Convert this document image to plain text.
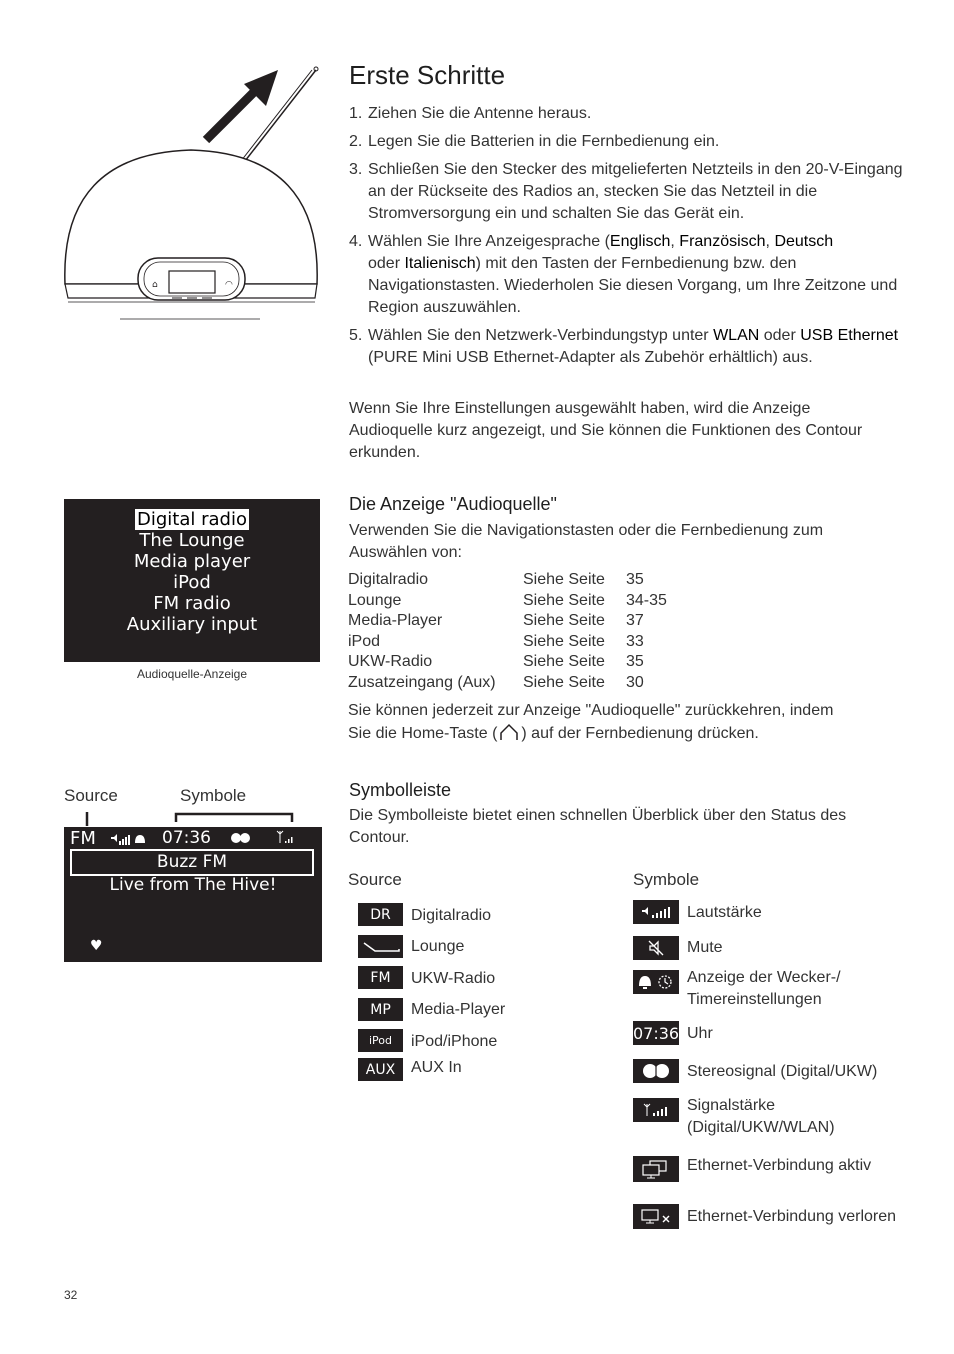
⌂	◠
Erste Schritte
1. Ziehen Sie die Antenne heraus.
2. Legen Sie die Batterien in die Fernbedienung ein.
3. Schließen Sie den Stecker des mitgelieferten Netzteils in den 20-V-Eingang an der Rückseite des Radios an, stecken Sie das Netzteil in die Stromversorgung ein und schalten Sie das Gerät ein.
4. Wählen Sie Ihre Anzeigesprache (Englisch, Französisch, Deutsch
oder Italienisch) mit den Tasten der Fernbedienung bzw. den Navigationstasten. Wiederholen Sie diesen Vorgang, um Ihre Zeitzone und Region auszuwählen.
5. Wählen Sie den Netzwerk-Verbindungstyp unter WLAN oder USB Ethernet (PURE Mini USB Ethernet-Adapter als Zubehör erhältlich) aus.
Wenn Sie Ihre Einstellungen ausgewählt haben, wird die Anzeige Audioquelle kurz angezeigt, und Sie können die Funktionen des Contour erkunden.
Digital radio
The Lounge
Media player
iPod
FM radio
Auxiliary input
Audioquelle-Anzeige
Die Anzeige "Audioquelle"
Verwenden Sie die Navigationstasten oder die Fernbedienung zum Auswählen von:
Digitalradio	Siehe Seite	35
Lounge	Siehe Seite	34-35
Media-Player	Siehe Seite	37
iPod	Siehe Seite	33
UKW-Radio	Siehe Seite	35
Zusatzeingang (Aux)	Siehe Seite	30
Sie können jederzeit zur Anzeige "Audioquelle" zurückkehren, indem
Sie die Home-Taste ( ) auf der Fernbedienung drücken.
Source	Symbole
FM	07:36
Buzz FM
Live from The Hive!
♥
Symbolleiste
Die Symbolleiste bietet einen schnellen Überblick über den Status des Contour.
Source	Symbole
DR	Digitalradio
Lounge
FM	UKW-Radio
MP	Media-Player
iPod	iPod/iPhone
AUX AUX In
Lautstärke
Mute
Anzeige der Wecker-/
Timereinstellungen
07:36 Uhr
Stereosignal (Digital/UKW)
Signalstärke
(Digital/UKW/WLAN)
Ethernet-Verbindung aktiv
Ethernet-Verbindung verloren
32
